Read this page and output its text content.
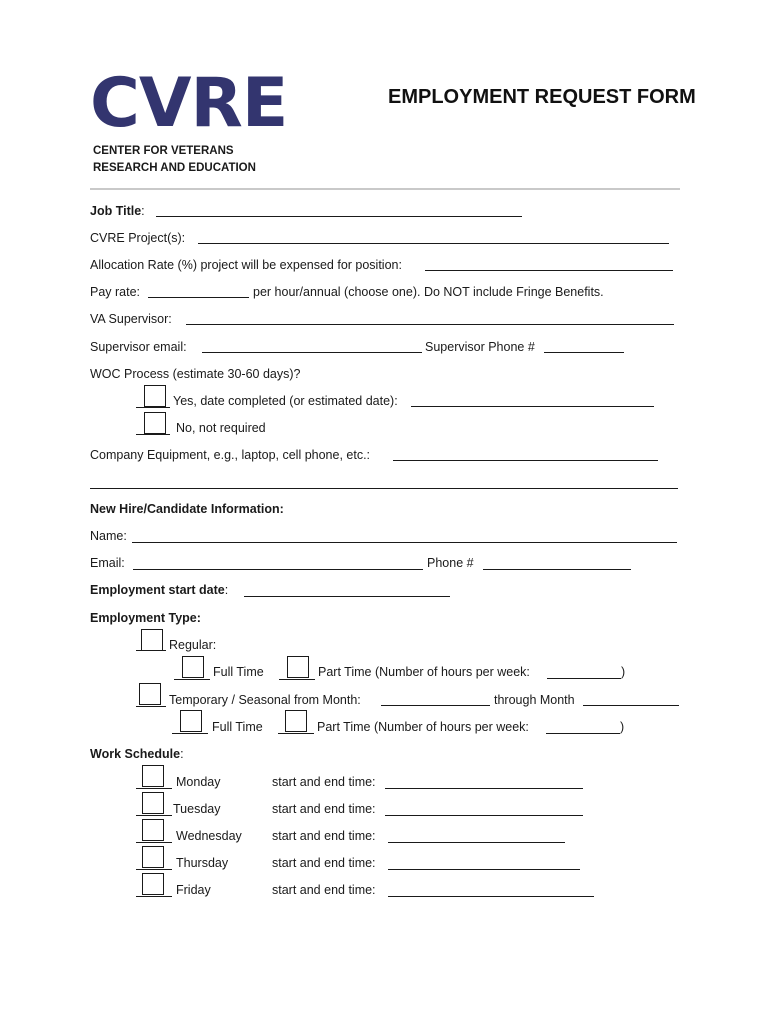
CVRE
CENTER FOR VETERANS
RESEARCH AND EDUCATION
EMPLOYMENT REQUEST FORM
Job Title:
CVRE Project(s):
Allocation Rate (%) project will be expensed for position:
Pay rate:	per hour/annual (choose one). Do NOT include Fringe Benefits.
VA Supervisor:
Supervisor email:	Supervisor Phone #
WOC Process (estimate 30-60 days)?
Yes, date completed (or estimated date):
No, not required
Company Equipment, e.g., laptop, cell phone, etc.:
New Hire/Candidate Information:
Name:
Email:	Phone #
Employment start date:
Employment Type:
Regular:
Full Time	Part Time (Number of hours per week:	)
Temporary / Seasonal from Month:	through Month
Full Time	Part Time (Number of hours per week:	)
Work Schedule:
Monday	start and end time:
Tuesday	start and end time:
Wednesday start and end time:
Thursday	start and end time:
Friday	start and end time:
